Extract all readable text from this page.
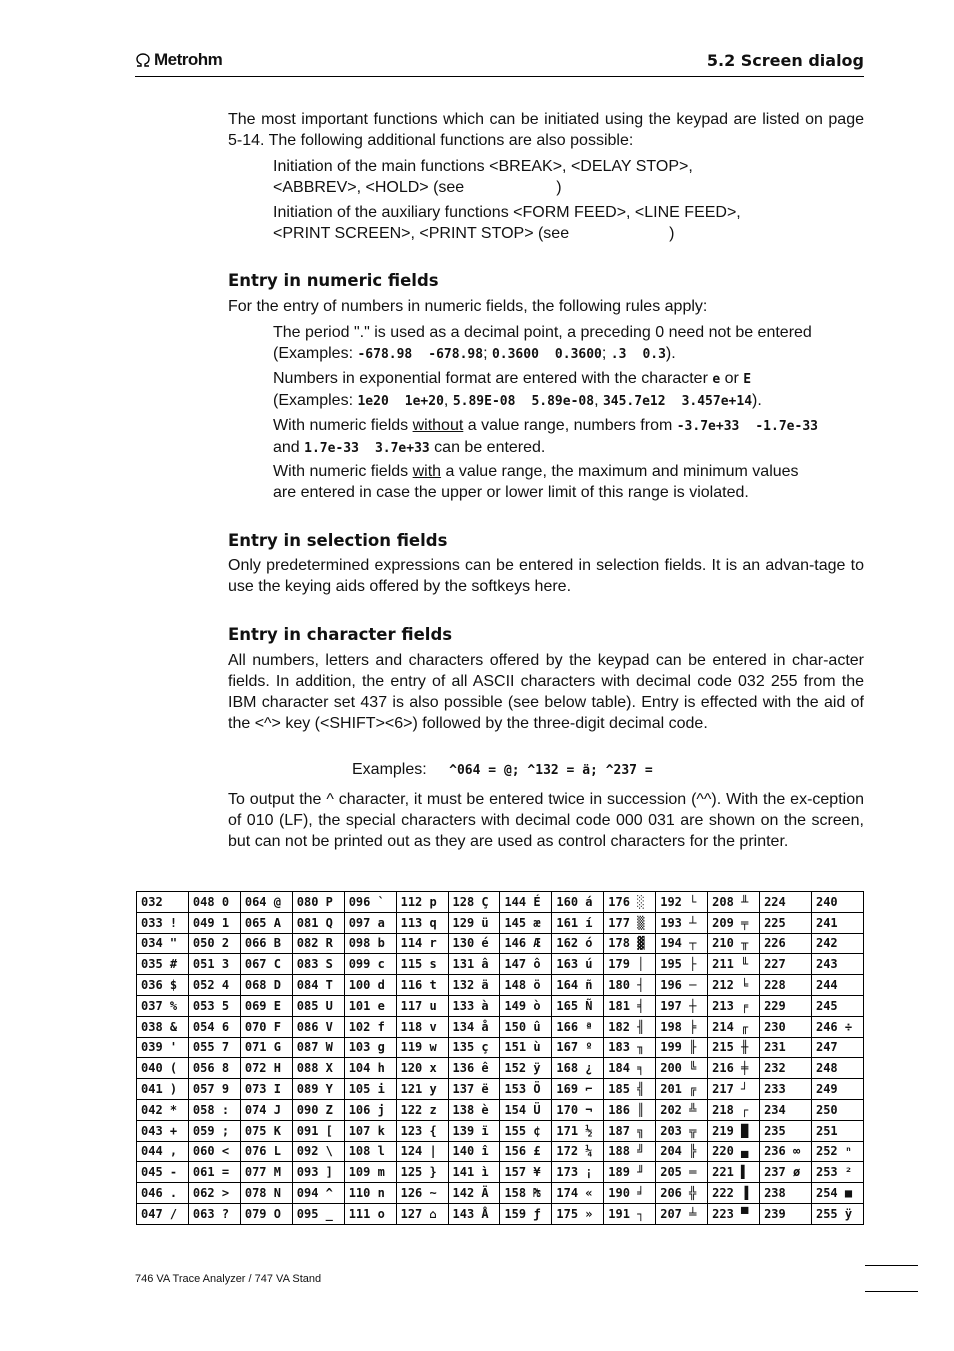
Metrohm	5.2 Screen dialog
The most important functions which can be initiated using the keypad are listed on page 5-14. The following additional functions are also possible:
Initiation of the main functions <BREAK>, <DELAY STOP>,
<ABBREV>, <HOLD> (see	)
Initiation of the auxiliary functions <FORM FEED>, <LINE FEED>,
<PRINT SCREEN>, <PRINT STOP> (see	)
Entry in numeric fields
For the entry of numbers in numeric fields, the following rules apply:
The period "." is used as a decimal point, a preceding 0 need not be entered
(Examples: -678.98 -678.98; 0.3600 0.3600; .3 0.3).
Numbers in exponential format are entered with the character e or E
(Examples: 1e20 1e+20, 5.89E-08 5.89e-08, 345.7e12 3.457e+14).
With numeric fields without a value range, numbers from -3.7e+33 -1.7e-33
and 1.7e-33 3.7e+33 can be entered.
With numeric fields with a value range, the maximum and minimum values
are entered in case the upper or lower limit of this range is violated.
Entry in selection fields
Only predetermined expressions can be entered in selection fields. It is an advan-tage to use the keying aids offered by the softkeys here.
Entry in character fields
All numbers, letters and characters offered by the keypad can be entered in char-acter fields. In addition, the entry of all ASCII characters with decimal code 032 255 from the IBM character set 437 is also possible (see below table). Entry is effected with the aid of the <^> key (<SHIFT><6>) followed by the three-digit decimal code.
Examples: ^064 = @; ^132 = ä; ^237 =
To output the ^ character, it must be entered twice in succession (^^). With the ex-ception of 010 (LF), the special characters with decimal code 000 031 are shown on the screen, but can not be printed out as they are used as control characters for the printer.
032	048 0	064 @	080 P	096 `	112 p	128 Ç	144 É	160 á	176 ░	192 └	208 ╨	224	240
033 !	049 1	065 A	081 Q	097 a	113 q	129 ü	145 æ	161 í	177 ▒	193 ┴	209 ╤	225	241
034 "	050 2	066 B	082 R	098 b	114 r	130 é	146 Æ	162 ó	178 ▓	194 ┬	210 ╥	226	242
035 #	051 3	067 C	083 S	099 c	115 s	131 â	147 ô	163 ú	179 │	195 ├	211 ╙	227	243
036 $	052 4	068 D	084 T	100 d	116 t	132 ä	148 ö	164 ñ	180 ┤	196 ─	212 ╘	228	244
037 %	053 5	069 E	085 U	101 e	117 u	133 à	149 ò	165 Ñ	181 ╡	197 ┼	213 ╒	229	245
038 &	054 6	070 F	086 V	102 f	118 v	134 å	150 û	166 ª	182 ╢	198 ╞	214 ╓	230	246 ÷
039 '	055 7	071 G	087 W	103 g	119 w	135 ç	151 ù	167 º	183 ╖	199 ╟	215 ╫	231	247
040 (	056 8	072 H	088 X	104 h	120 x	136 ê	152 ÿ	168 ¿	184 ╕	200 ╚	216 ╪	232	248
041 )	057 9	073 I	089 Y	105 i	121 y	137 ë	153 Ö	169 ⌐	185 ╣	201 ╔	217 ┘	233	249
042 *	058 :	074 J	090 Z	106 j	122 z	138 è	154 Ü	170 ¬	186 ║	202 ╩	218 ┌	234	250
043 +	059 ;	075 K	091 [	107 k	123 {	139 ï	155 ¢	171 ½	187 ╗	203 ╦	219 █	235	251
044 ,	060 <	076 L	092 \	108 l	124 |	140 î	156 £	172 ¼	188 ╝	204 ╠	220 ▄	236 ∞	252 ⁿ
045 -	061 =	077 M	093 ]	109 m	125 }	141 ì	157 ¥	173 ¡	189 ╜	205 ═	221 ▌	237 ø	253 ²
046 .	062 >	078 N	094 ^	110 n	126 ~	142 Ä	158 ₧	174 «	190 ╛	206 ╬	222 ▐	238	254 ■
047 /	063 ?	079 O	095 _	111 o	127 ⌂	143 Å	159 ƒ	175 »	191 ┐	207 ╧	223 ▀	239	255 ÿ
746 VA Trace Analyzer / 747 VA Stand
